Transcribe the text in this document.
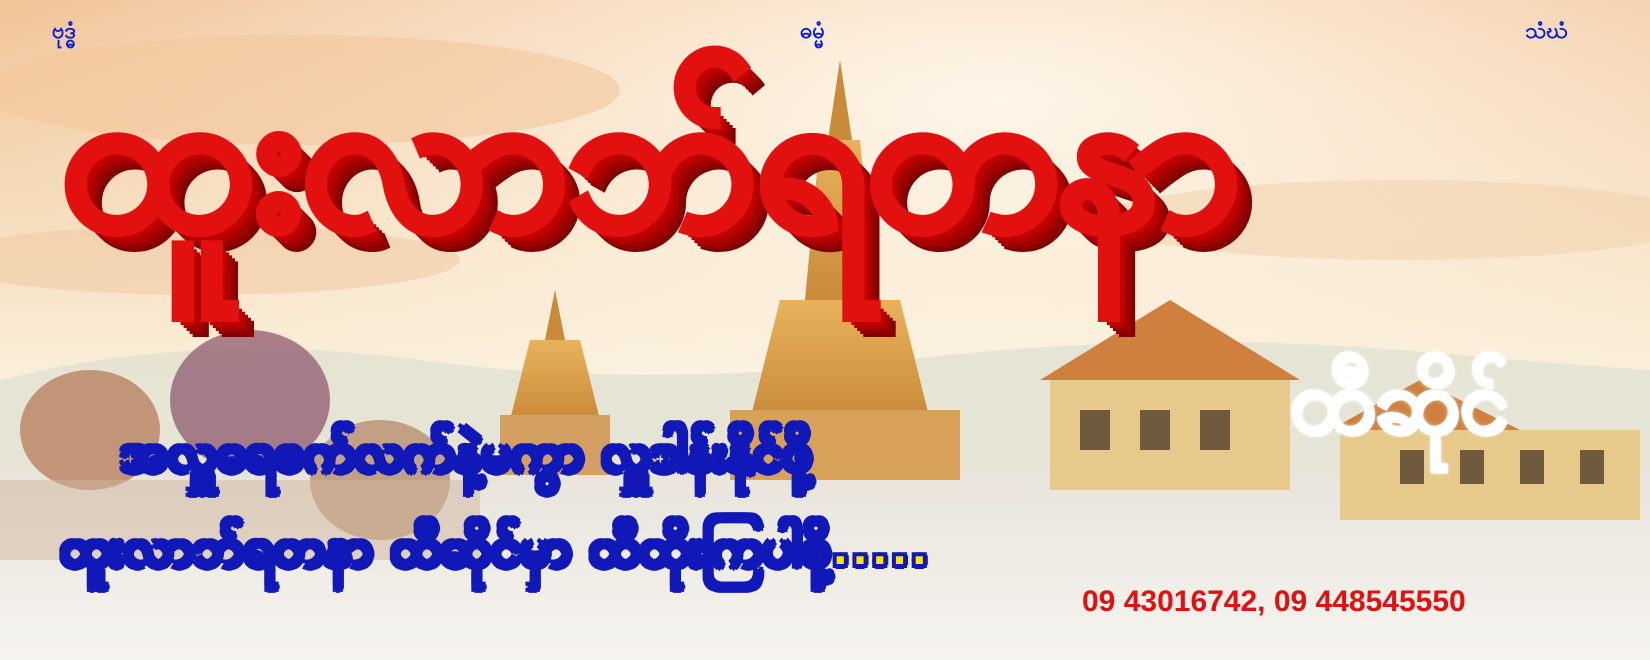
ဗုဒ္ဓံ	ဓမ္မံ	သံဃံ
ထူးလာဘ်ရတနာ
ထီဆိုင်
အလှူရေစက်လက်နဲ့မကွာ လှူဒါန်းနိုင်ဖို့
ထူးလာဘ်ရတနာ ထီဆိုင်မှာ ထီထိုးကြပါစို့.....
09 43016742, 09 448545550
